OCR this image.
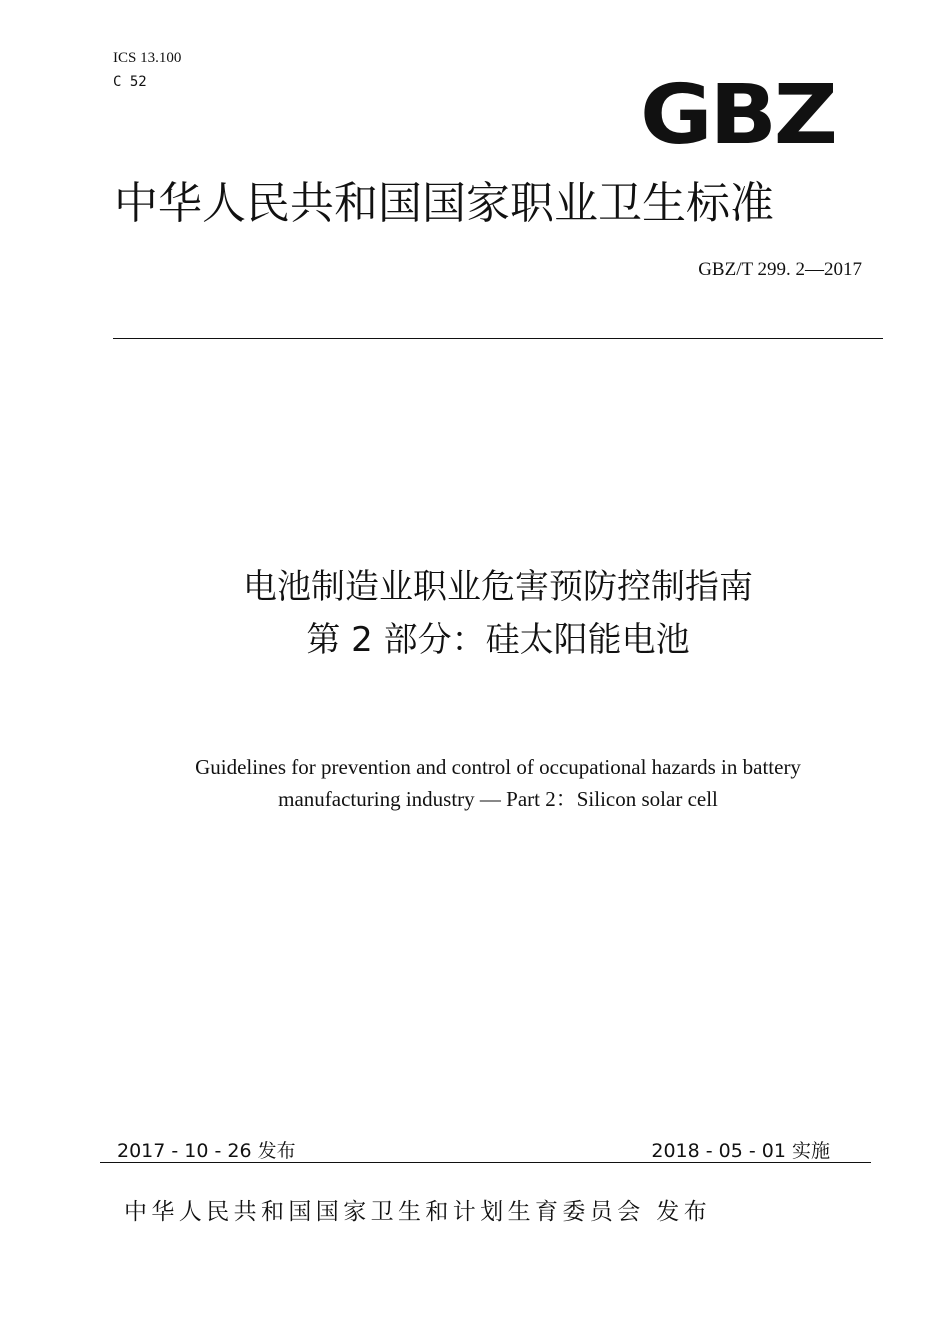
ICS 13.100
C 52	GBZ
中华人民共和国国家职业卫生标准
GBZ/T 299. 2—2017
电池制造业职业危害预防控制指南
第 2 部分：硅太阳能电池
Guidelines for prevention and control of occupational hazards in battery
manufacturing industry — Part 2：Silicon solar cell
2017 - 10 - 26 发布	2018 - 05 - 01 实施
中华人民共和国国家卫生和计划生育委员会 发布
